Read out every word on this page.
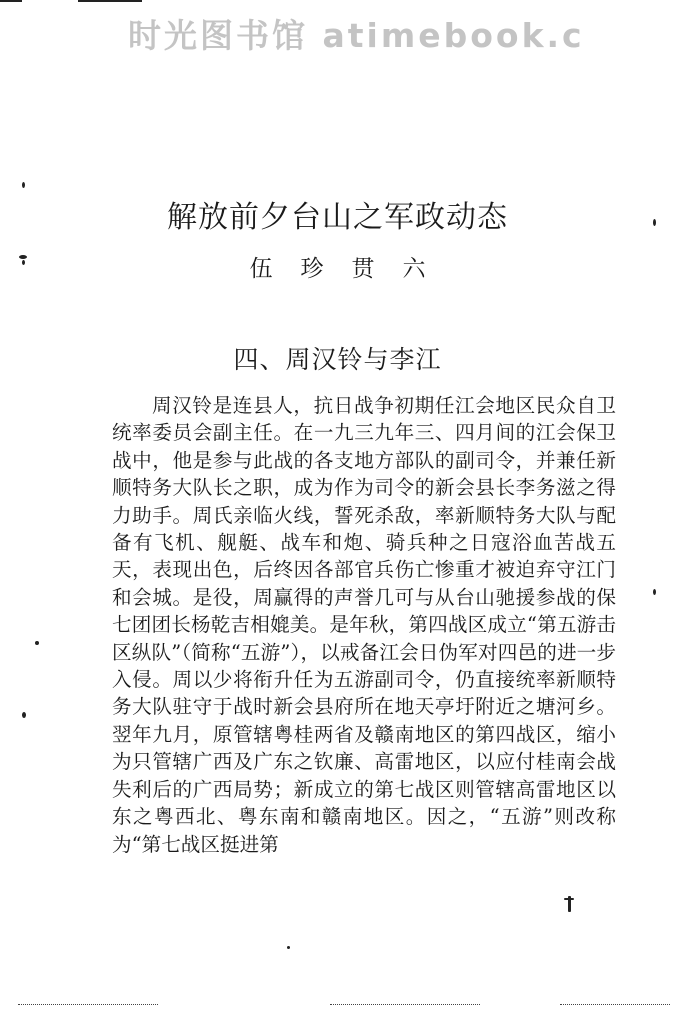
时光图书馆 atimebook.c
解放前夕台山之军政动态

伍珍贯六

四、周汉铃与李江

周汉铃是连县人，抗日战争初期任江会地区民众自卫统率委员会副主任。在一九三九年三、四月间的江会保卫战中，他是参与此战的各支地方部队的副司令，并兼任新顺特务大队长之职，成为作为司令的新会县长李务滋之得力助手。周氏亲临火线，誓死杀敌，率新顺特务大队与配备有飞机、舰艇、战车和炮、骑兵种之日寇浴血苦战五天，表现出色，后终因各部官兵伤亡惨重才被迫弃守江门和会城。是役，周赢得的声誉几可与从台山驰援参战的保七团团长杨乾吉相媲美。是年秋，第四战区成立“第五游击区纵队”（简称“五游”），以戒备江会日伪军对四邑的进一步入侵。周以少将衔升任为五游副司令，仍直接统率新顺特务大队驻守于战时新会县府所在地天亭圩附近之塘河乡。翌年九月，原管辖粤桂两省及赣南地区的第四战区，缩小为只管辖广西及广东之钦廉、高雷地区，以应付桂南会战失利后的广西局势；新成立的第七战区则管辖高雷地区以东之粤西北、粤东南和赣南地区。因之，“五游”则改称为“第七战区挺进第
